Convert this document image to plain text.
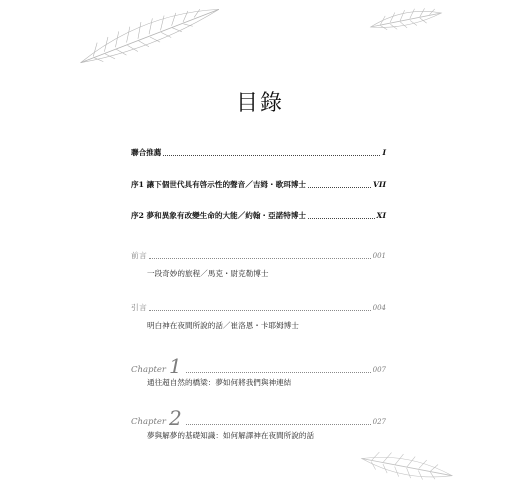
目錄
聯合推薦	I
序1 讓下個世代具有啓示性的聲音／吉姆・歌珥博士	VII
序2 夢和異象有改變生命的大能／約翰・亞諾特博士	XI
前言	001
一段奇妙的旅程／馬克・尉克勒博士
引言	004
明白神在夜間所說的話／崔洛恩・卡耶姆博士
Chapter 1	007
通往超自然的橋梁：夢如何將我們與神連結
Chapter 2	027
夢與解夢的基礎知識：如何解譯神在夜間所說的話
